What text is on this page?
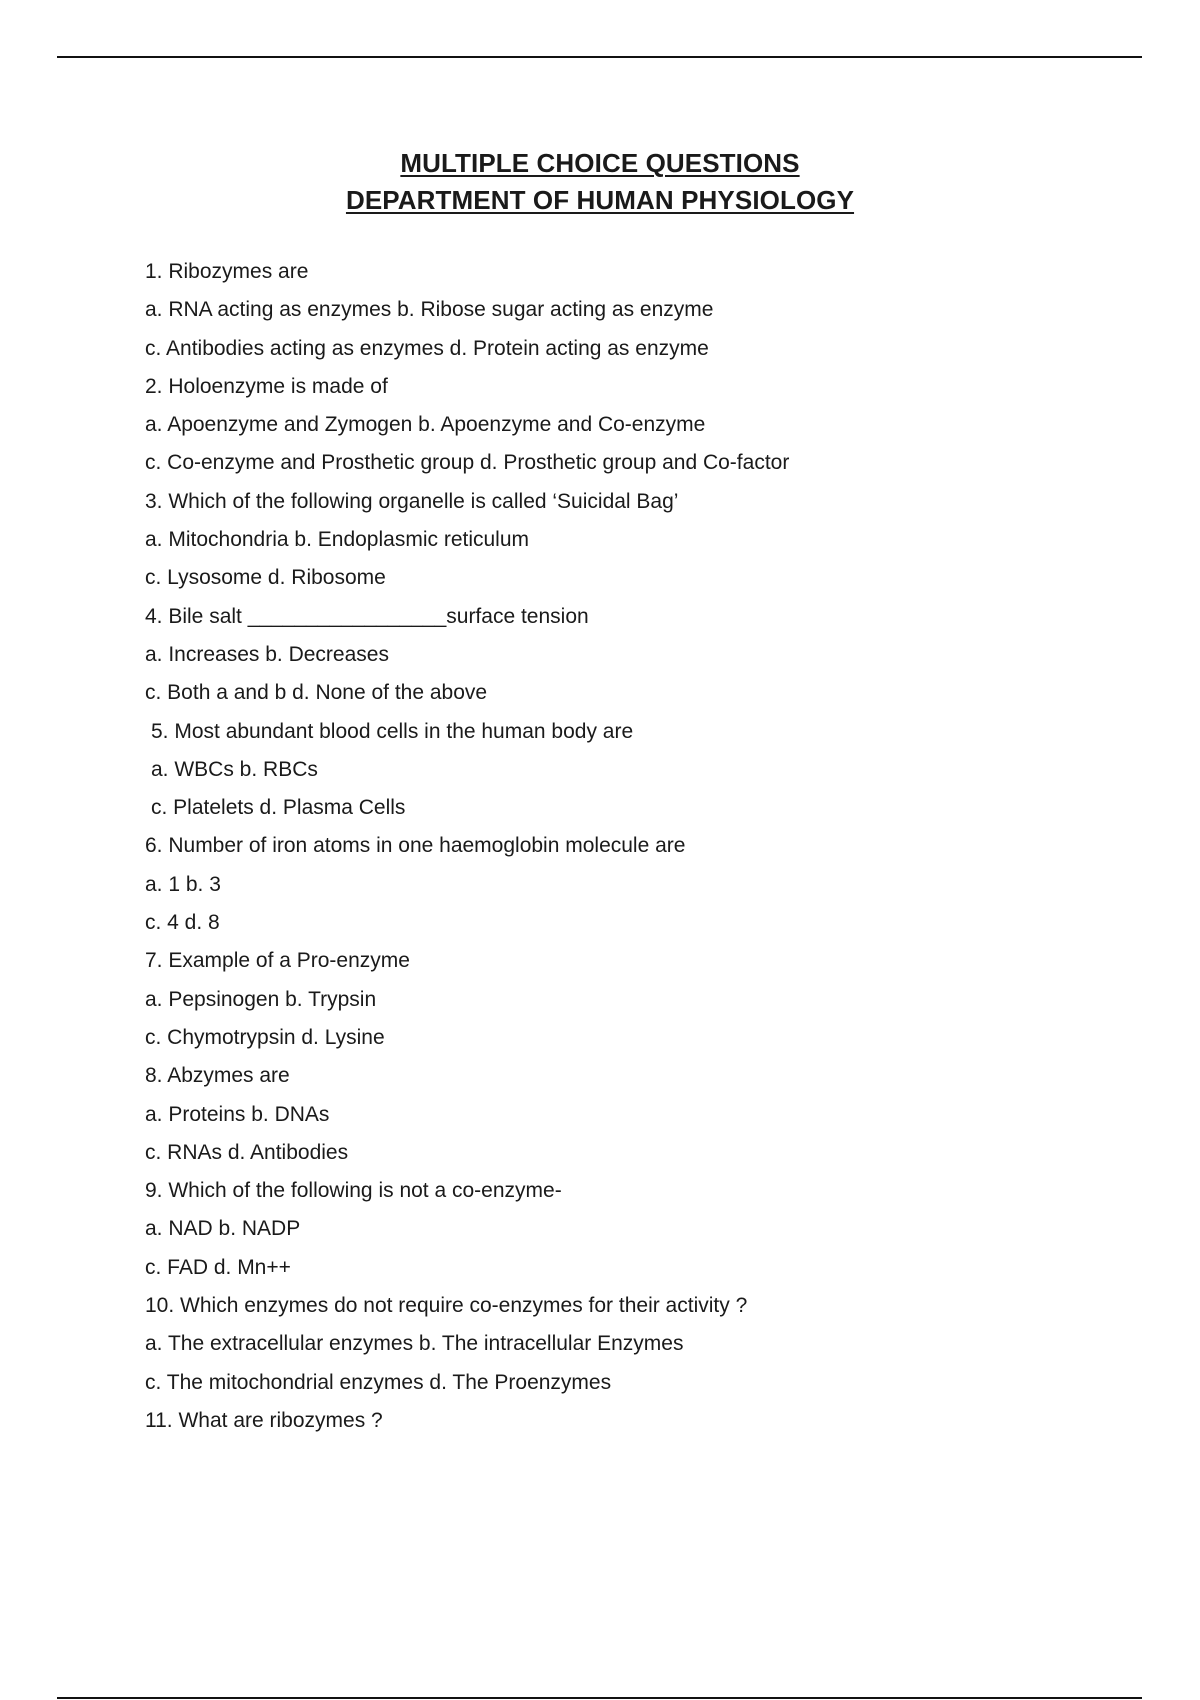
MULTIPLE CHOICE QUESTIONS
DEPARTMENT OF HUMAN PHYSIOLOGY
1. Ribozymes are
a. RNA acting as enzymes b. Ribose sugar acting as enzyme
c. Antibodies acting as enzymes d. Protein acting as enzyme
2. Holoenzyme is made of
a. Apoenzyme and Zymogen b. Apoenzyme and Co-enzyme
c. Co-enzyme and Prosthetic group d. Prosthetic group and Co-factor
3. Which of the following organelle is called ‘Suicidal Bag’
a. Mitochondria b. Endoplasmic reticulum
c. Lysosome d. Ribosome
4. Bile salt _________________surface tension
a. Increases b. Decreases
c. Both a and b d. None of the above
5. Most abundant blood cells in the human body are
a. WBCs b. RBCs
c. Platelets d. Plasma Cells
6. Number of iron atoms in one haemoglobin molecule are
a. 1 b. 3
c. 4 d. 8
7. Example of a Pro-enzyme
a. Pepsinogen b. Trypsin
c. Chymotrypsin d. Lysine
8. Abzymes are
a. Proteins b. DNAs
c. RNAs d. Antibodies
9. Which of the following is not a co-enzyme-
a. NAD b. NADP
c. FAD d. Mn++
10. Which enzymes do not require co-enzymes for their activity ?
a. The extracellular enzymes b. The intracellular Enzymes
c. The mitochondrial enzymes d. The Proenzymes
11. What are ribozymes ?
